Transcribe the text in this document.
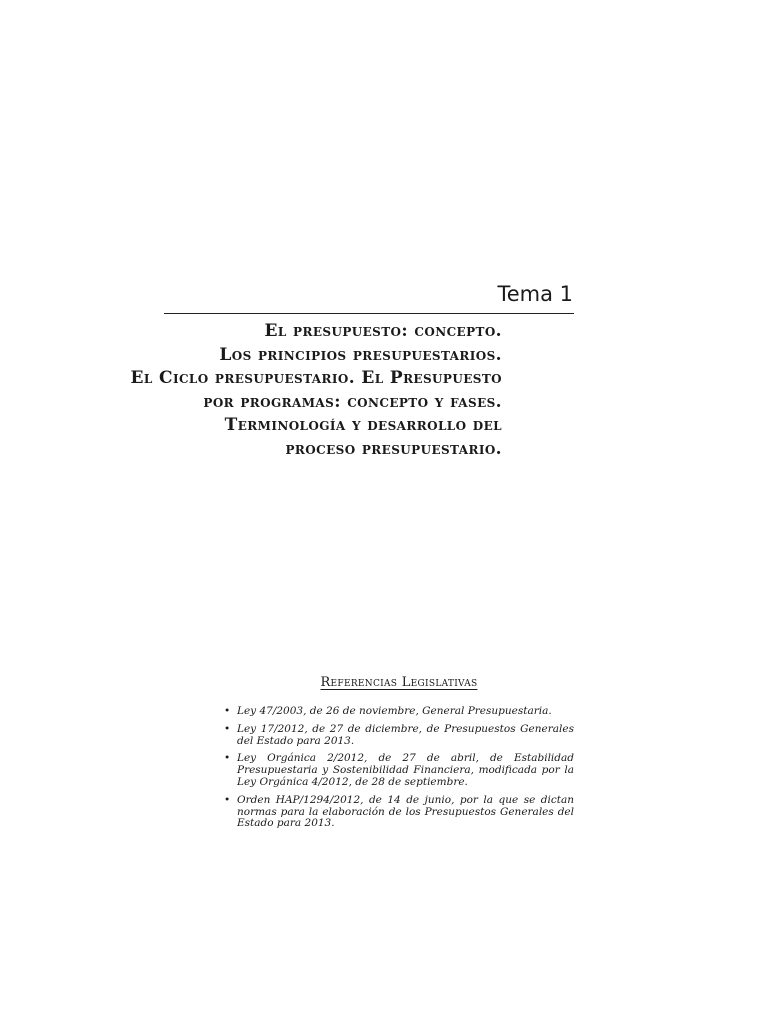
Tema 1
El presupuesto: concepto.
Los principios presupuestarios.
El Ciclo presupuestario. El Presupuesto
por programas: concepto y fases.
Terminología y desarrollo del
proceso presupuestario.
Referencias Legislativas
• Ley 47/2003, de 26 de noviembre, General Presupuestaria.
• Ley 17/2012, de 27 de diciembre, de Presupuestos Generales del Estado para 2013.
• Ley Orgánica 2/2012, de 27 de abril, de Estabilidad Presupuestaria y Sostenibilidad Financiera, modificada por la Ley Orgánica 4/2012, de 28 de septiembre.
• Orden HAP/1294/2012, de 14 de junio, por la que se dictan normas para la elaboración de los Presupuestos Generales del Estado para 2013.
